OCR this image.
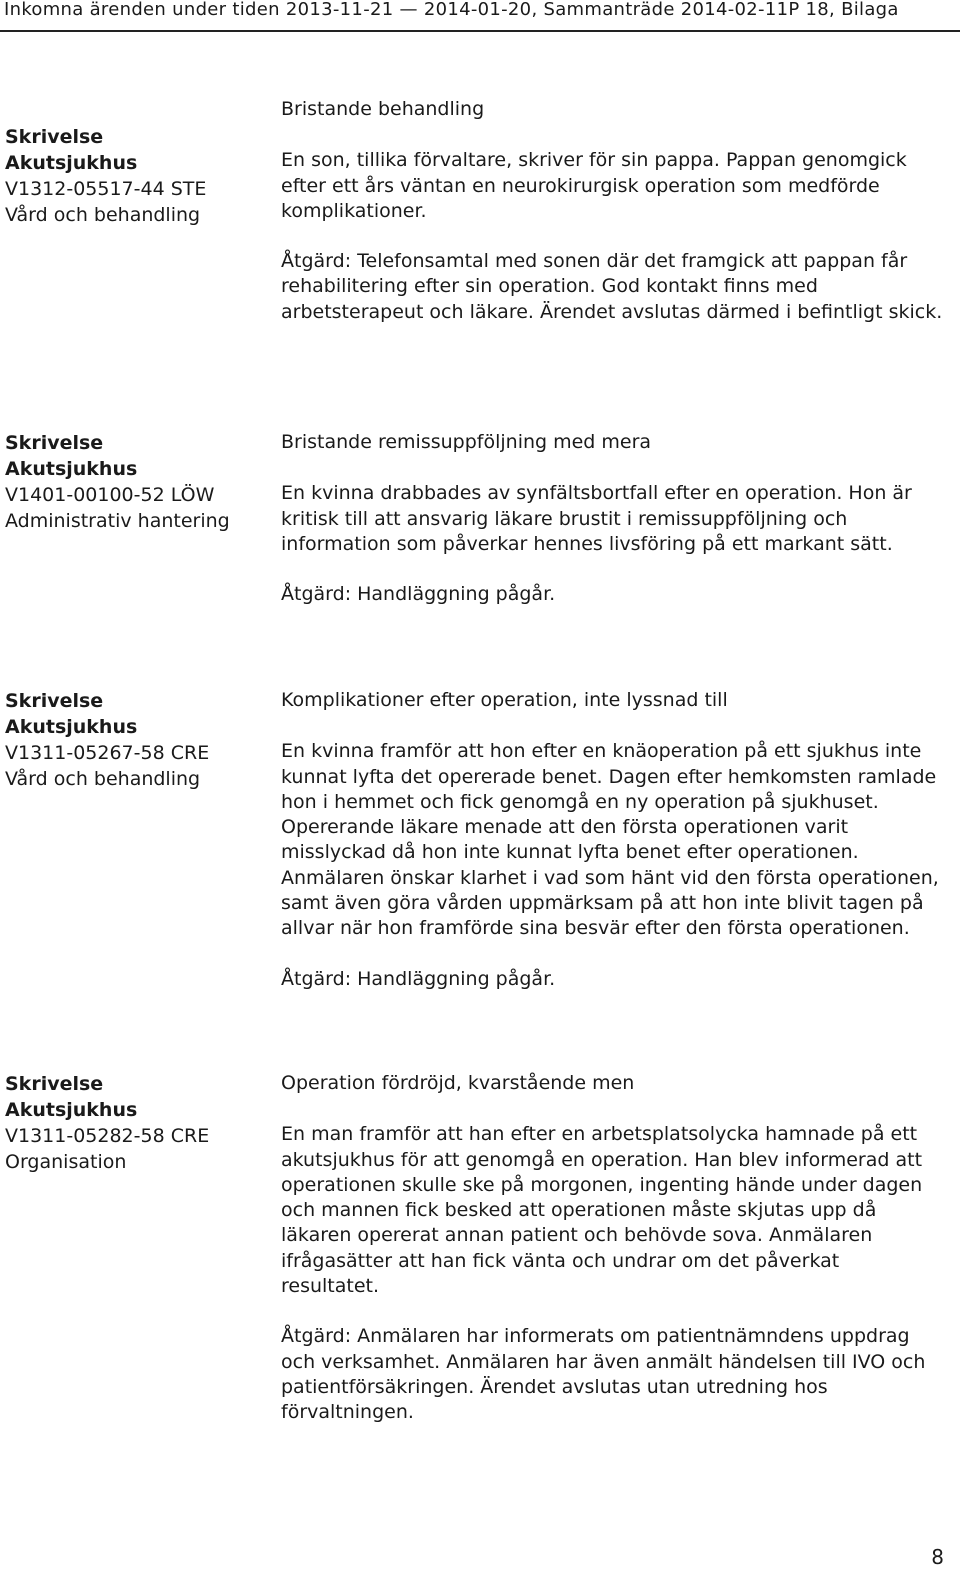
Inkomna ärenden under tiden 2013-11-21 — 2014-01-20, Sammanträde 2014-02-11P 18, Bilaga
Skrivelse
Akutsjukhus
V1312-05517-44 STE
Vård och behandling

Bristande behandling

En son, tillika förvaltare, skriver för sin pappa. Pappan genomgick efter ett års väntan en neurokirurgisk operation som medförde komplikationer.

Åtgärd: Telefonsamtal med sonen där det framgick att pappan får rehabilitering efter sin operation. God kontakt finns med arbetsterapeut och läkare. Ärendet avslutas därmed i befintligt skick.

Skrivelse
Akutsjukhus
V1401-00100-52 LÖW
Administrativ hantering

Bristande remissuppföljning med mera

En kvinna drabbades av synfältsbortfall efter en operation. Hon är kritisk till att ansvarig läkare brustit i remissuppföljning och information som påverkar hennes livsföring på ett markant sätt.

Åtgärd: Handläggning pågår.

Skrivelse
Akutsjukhus
V1311-05267-58 CRE
Vård och behandling

Komplikationer efter operation, inte lyssnad till

En kvinna framför att hon efter en knäoperation på ett sjukhus inte kunnat lyfta det opererade benet. Dagen efter hemkomsten ramlade hon i hemmet och fick genomgå en ny operation på sjukhuset. Opererande läkare menade att den första operationen varit misslyckad då hon inte kunnat lyfta benet efter operationen. Anmälaren önskar klarhet i vad som hänt vid den första operationen, samt även göra vården uppmärksam på att hon inte blivit tagen på allvar när hon framförde sina besvär efter den första operationen.

Åtgärd: Handläggning pågår.

Skrivelse
Akutsjukhus
V1311-05282-58 CRE
Organisation

Operation fördröjd, kvarstående men

En man framför att han efter en arbetsplatsolycka hamnade på ett akutsjukhus för att genomgå en operation. Han blev informerad att operationen skulle ske på morgonen, ingenting hände under dagen och mannen fick besked att operationen måste skjutas upp då läkaren opererat annan patient och behövde sova. Anmälaren ifrågasätter att han fick vänta och undrar om det påverkat resultatet.

Åtgärd: Anmälaren har informerats om patientnämndens uppdrag och verksamhet. Anmälaren har även anmält händelsen till IVO och patientförsäkringen. Ärendet avslutas utan utredning hos förvaltningen.

8
